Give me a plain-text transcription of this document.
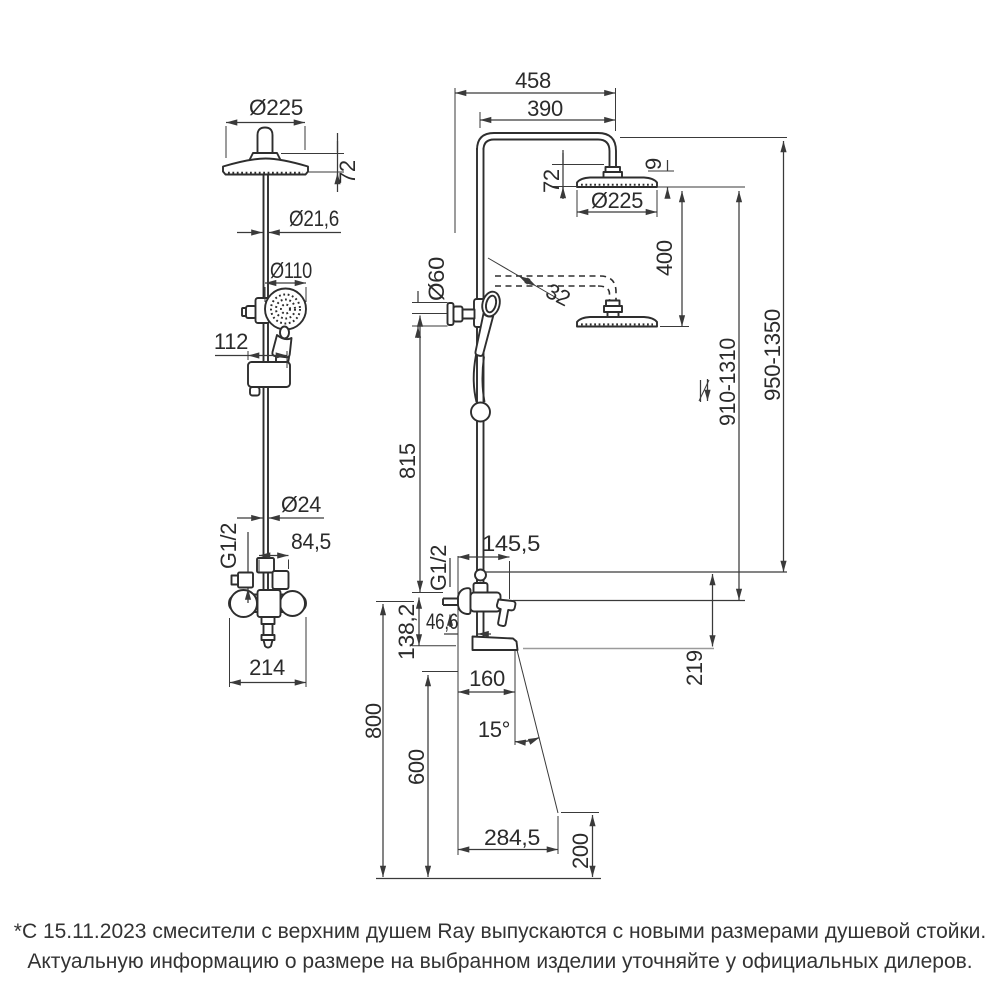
Ø225
72
Ø21,6
Ø110
112
Ø24
84,5
G1/2
214
458
390
72
9
Ø225
Ø60	32
400
910-1310 950-1350
219
815
G1/2
145,5
46,6
138,2
160
15°
800
600
284,5 200
*С 15.11.2023 смесители с верхним душем Ray выпускаются с новыми размерами душевой стойки.
Актуальную информацию о размере на выбранном изделии уточняйте у официальных дилеров.
